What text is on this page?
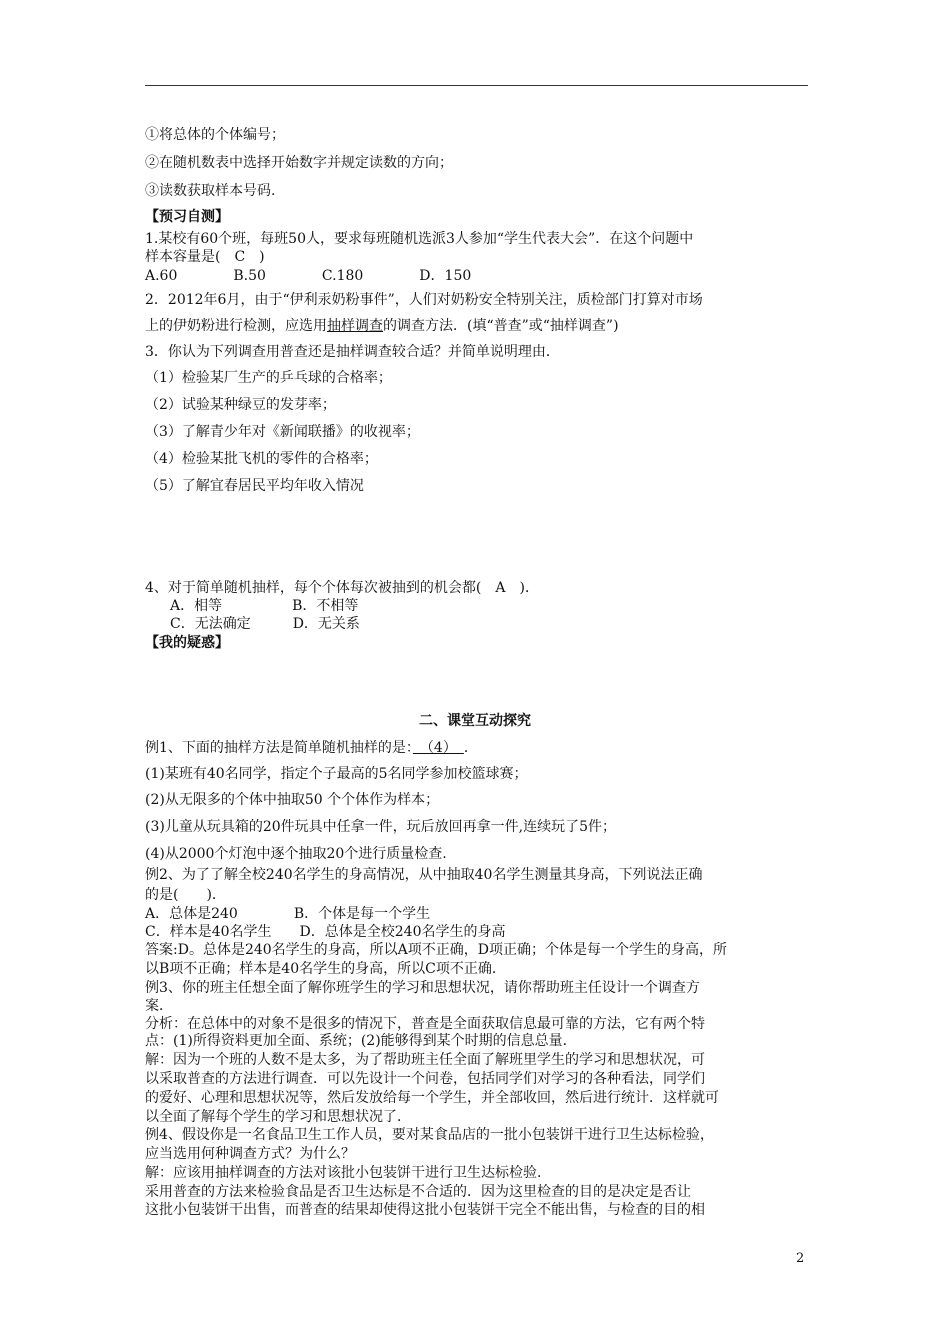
①将总体的个体编号；
②在随机数表中选择开始数字并规定读数的方向；
③读数获取样本号码.
【预习自测】
1.某校有60个班，每班50人，要求每班随机选派3人参加“学生代表大会”．在这个问题中
样本容量是(　C　)
A.60　　　　B.50　　　　C.180　　　　D．150
2．2012年6月，由于“伊利汞奶粉事件”，人们对奶粉安全特别关注，质检部门打算对市场
上的伊奶粉进行检测，应选用抽样调查的调查方法．(填“普查”或“抽样调查”)
3．你认为下列调查用普查还是抽样调查较合适？并简单说明理由．
（1）检验某厂生产的乒乓球的合格率；
（2）试验某种绿豆的发芽率；
（3）了解青少年对《新闻联播》的收视率；
（4）检验某批飞机的零件的合格率；
（5）了解宜春居民平均年收入情况
4、对于简单随机抽样，每个个体每次被抽到的机会都(　A　)．
A．相等　　　　　B．不相等
C．无法确定　　　D．无关系
【我的疑惑】
二、课堂互动探究
例1、下面的抽样方法是简单随机抽样的是：　（4）　．
(1)某班有40名同学，指定个子最高的5名同学参加校篮球赛；
(2)从无限多的个体中抽取50 个个体作为样本；
(3)儿童从玩具箱的20件玩具中任拿一件，玩后放回再拿一件,连续玩了5件；
(4)从2000个灯泡中逐个抽取20个进行质量检查.
例2、为了了解全校240名学生的身高情况，从中抽取40名学生测量其身高，下列说法正确
的是(　　)．
A．总体是240　　　　B．个体是每一个学生
C．样本是40名学生　　D．总体是全校240名学生的身高
答案:D。总体是240名学生的身高，所以A项不正确，D项正确；个体是每一个学生的身高，所
以B项不正确；样本是40名学生的身高，所以C项不正确．
例3、你的班主任想全面了解你班学生的学习和思想状况，请你帮助班主任设计一个调查方
案．
分析：在总体中的对象不是很多的情况下，普查是全面获取信息最可靠的方法，它有两个特
点：(1)所得资料更加全面、系统；(2)能够得到某个时期的信息总量．
解：因为一个班的人数不是太多，为了帮助班主任全面了解班里学生的学习和思想状况，可
以采取普查的方法进行调查．可以先设计一个问卷，包括同学们对学习的各种看法，同学们
的爱好、心理和思想状况等，然后发放给每一个学生，并全部收回，然后进行统计．这样就可
以全面了解每个学生的学习和思想状况了．
例4、假设你是一名食品卫生工作人员，要对某食品店的一批小包装饼干进行卫生达标检验，
应当选用何种调查方式？为什么？
解：应该用抽样调查的方法对该批小包装饼干进行卫生达标检验．
采用普查的方法来检验食品是否卫生达标是不合适的．因为这里检查的目的是决定是否让
这批小包装饼干出售，而普查的结果却使得这批小包装饼干完全不能出售，与检查的目的相
2
